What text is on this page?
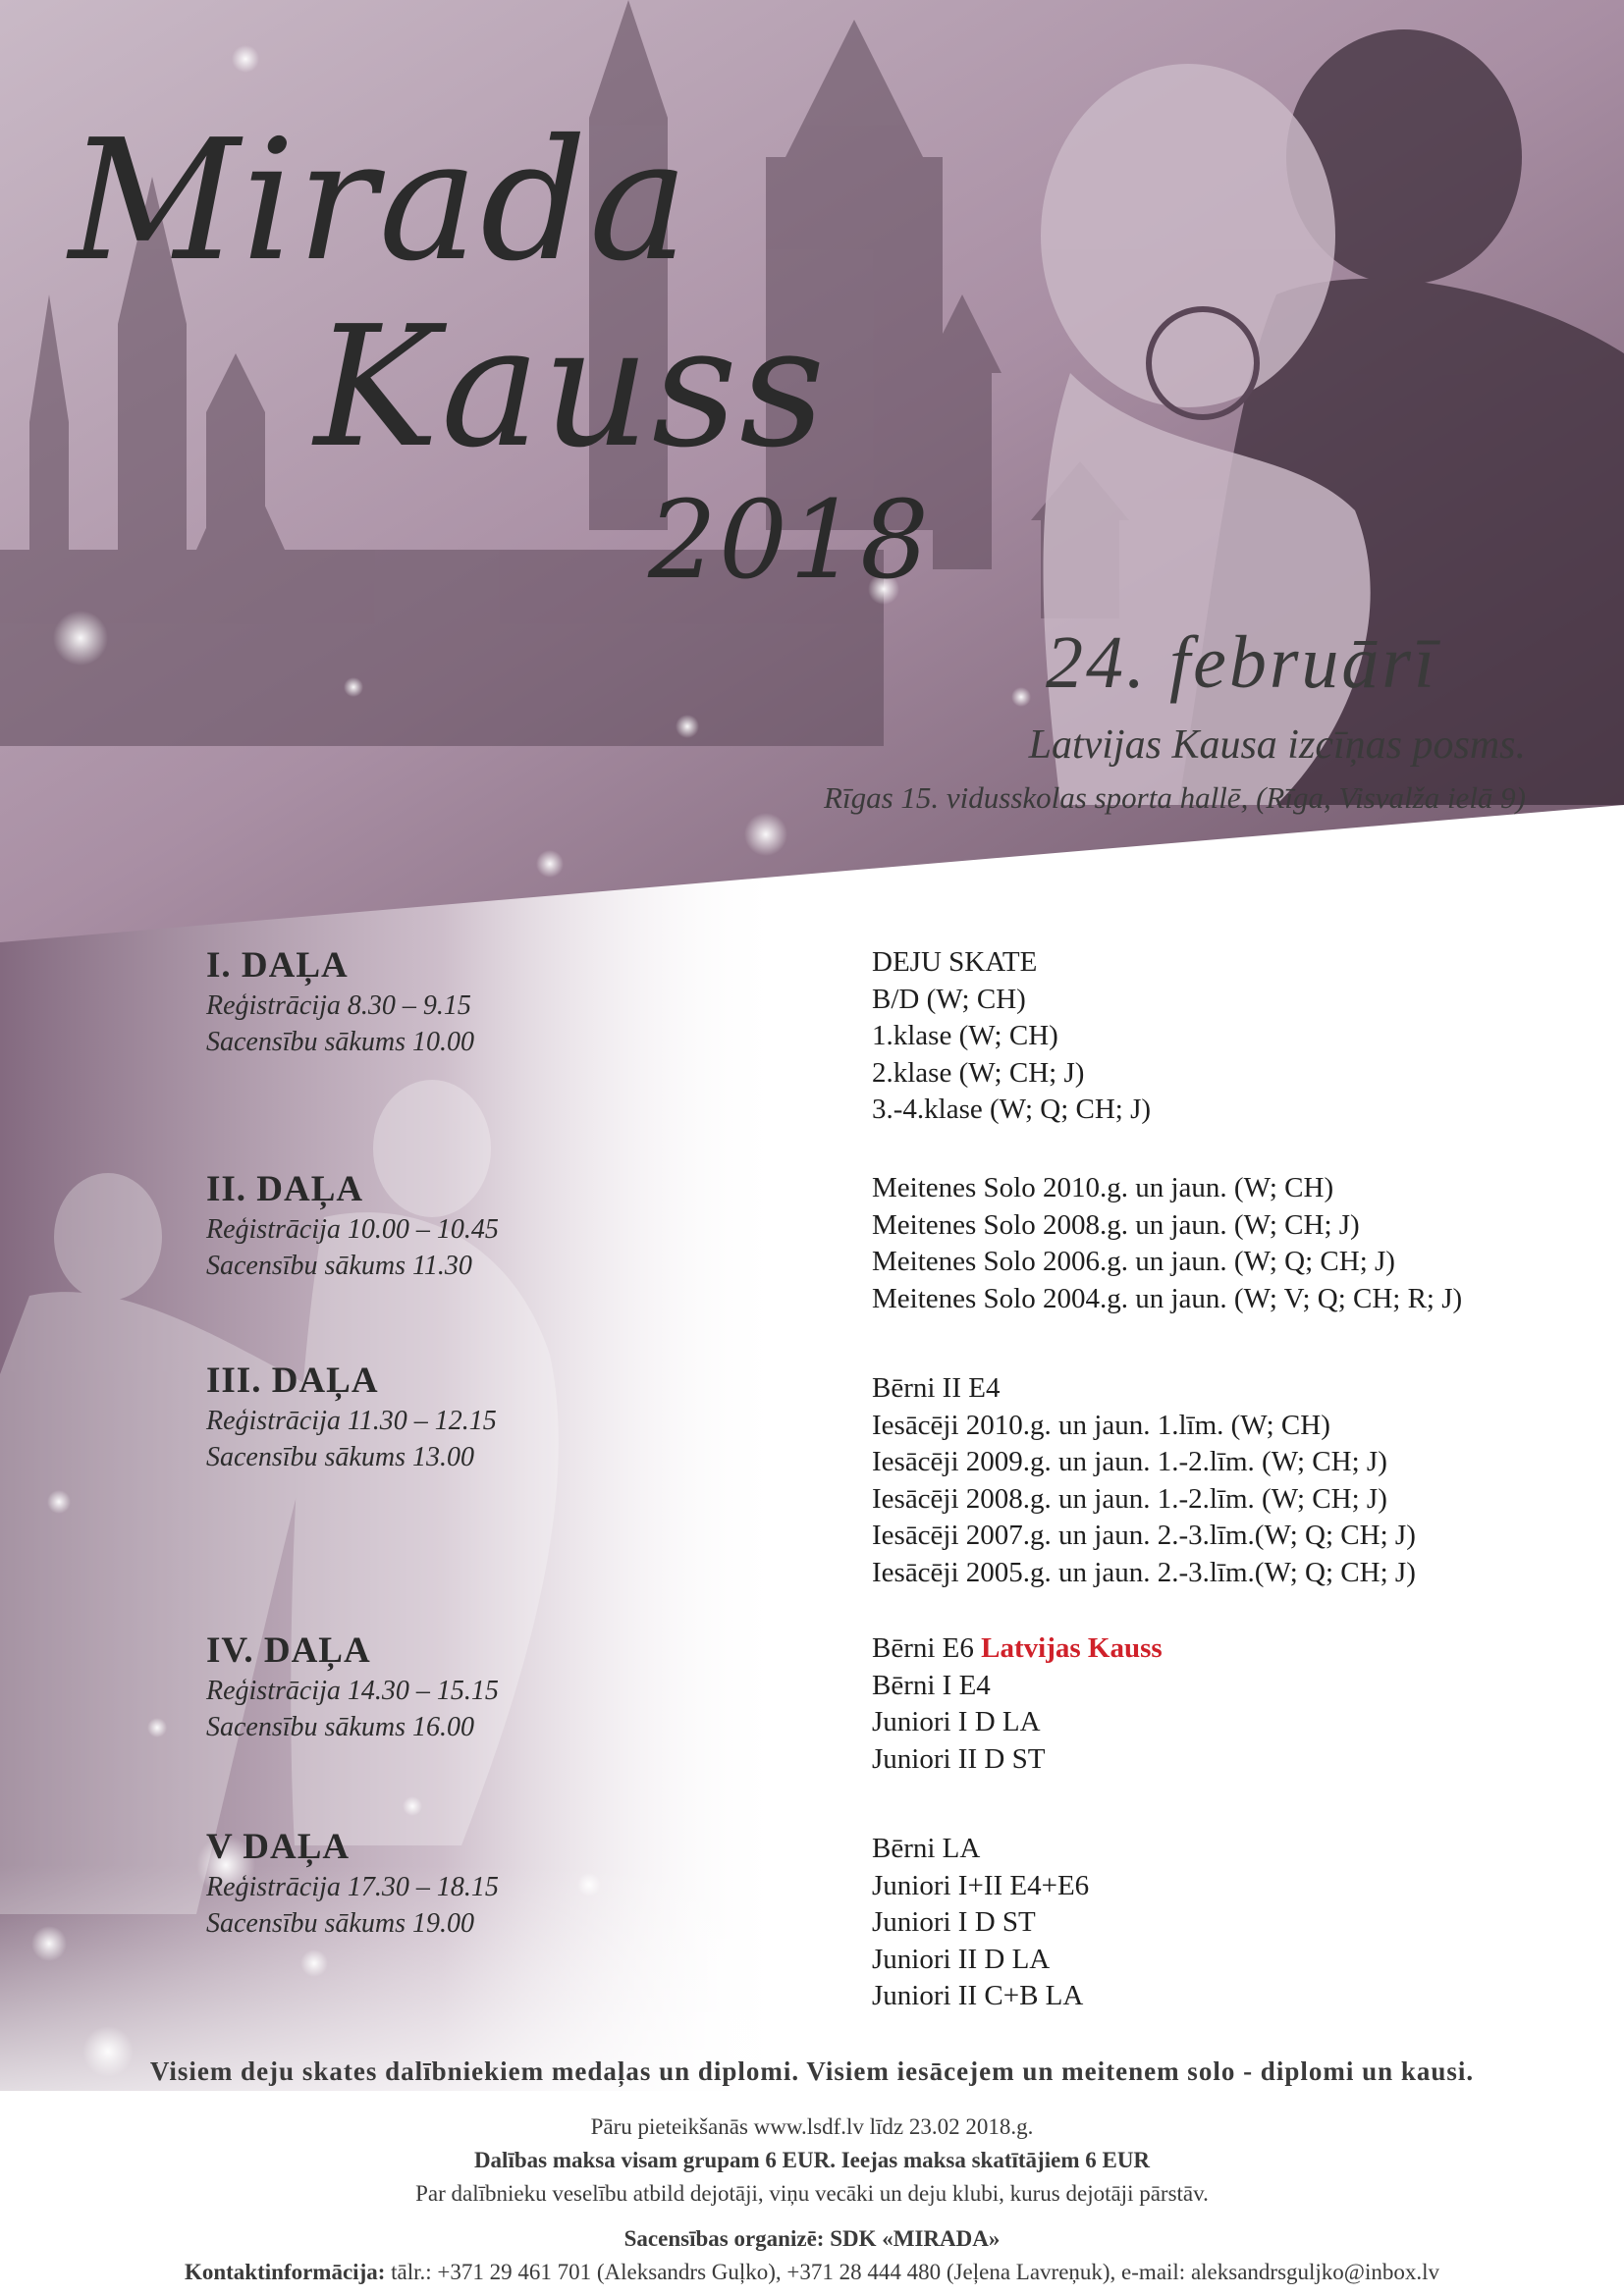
Mirada
Kauss
2018
24. februārī
Latvijas Kausa izcīņas posms.
Rīgas 15. vidusskolas sporta hallē, (Rīga, Visvalža ielā 9)
I. DAĻA
Reģistrācija 8.30 – 9.15
Sacensību sākums 10.00
II. DAĻA
Reģistrācija 10.00 – 10.45
Sacensību sākums 11.30
III. DAĻA
Reģistrācija 11.30 – 12.15
Sacensību sākums 13.00
IV. DAĻA
Reģistrācija 14.30 – 15.15
Sacensību sākums 16.00
V DAĻA
Reģistrācija 17.30 – 18.15
Sacensību sākums 19.00
DEJU SKATE
B/D (W; CH)
1.klase (W; CH)
2.klase (W; CH; J)
3.-4.klase (W; Q; CH; J)
Meitenes Solo 2010.g. un jaun. (W; CH)
Meitenes Solo 2008.g. un jaun. (W; CH; J)
Meitenes Solo 2006.g. un jaun. (W; Q; CH; J)
Meitenes Solo 2004.g. un jaun. (W; V; Q; CH; R; J)
Bērni II E4
Iesācēji 2010.g. un jaun. 1.līm. (W; CH)
Iesācēji 2009.g. un jaun. 1.-2.līm. (W; CH; J)
Iesācēji 2008.g. un jaun. 1.-2.līm. (W; CH; J)
Iesācēji 2007.g. un jaun. 2.-3.līm.(W; Q; CH; J)
Iesācēji 2005.g. un jaun. 2.-3.līm.(W; Q; CH; J)
Bērni E6 Latvijas Kauss
Bērni I E4
Juniori I D LA
Juniori II D ST
Bērni LA
Juniori I+II E4+E6
Juniori I D ST
Juniori II D LA
Juniori II C+B LA
Visiem deju skates dalībniekiem medaļas un diplomi. Visiem iesācejem un meitenem solo - diplomi un kausi.
Pāru pieteikšanās www.lsdf.lv līdz 23.02 2018.g.
Dalības maksa visam grupam 6 EUR. Ieejas maksa skatītājiem 6 EUR
Par dalībnieku veselību atbild dejotāji, viņu vecāki un deju klubi, kurus dejotāji pārstāv.
Sacensības organizē: SDK «MIRADA»
Kontaktinformācija: tālr.: +371 29 461 701 (Aleksandrs Guļko), +371 28 444 480 (Jeļena Lavreņuk), e-mail: aleksandrsguljko@inbox.lv
